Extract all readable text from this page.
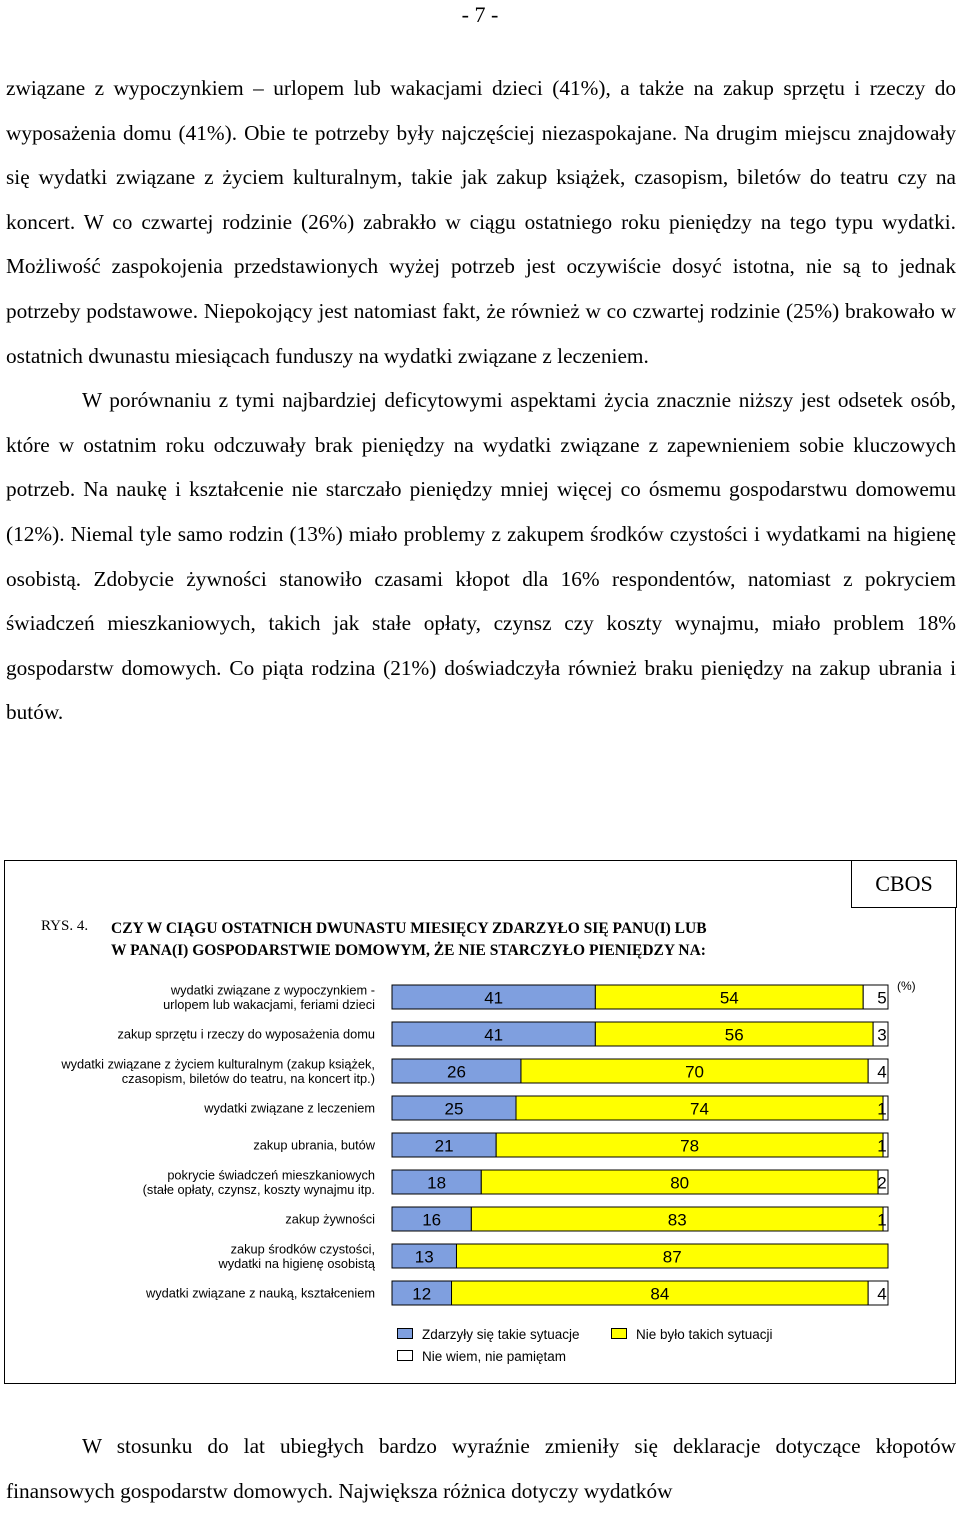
- 7 -

związane z wypoczynkiem – urlopem lub wakacjami dzieci (41%), a także na zakup sprzętu i rzeczy do wyposażenia domu (41%). Obie te potrzeby były najczęściej niezaspokajane. Na drugim miejscu znajdowały się wydatki związane z życiem kulturalnym, takie jak zakup książek, czasopism, biletów do teatru czy na koncert. W co czwartej rodzinie (26%) zabrakło w ciągu ostatniego roku pieniędzy na tego typu wydatki. Możliwość zaspokojenia przedstawionych wyżej potrzeb jest oczywiście dosyć istotna, nie są to jednak potrzeby podstawowe. Niepokojący jest natomiast fakt, że również w co czwartej rodzinie (25%) brakowało w ostatnich dwunastu miesiącach funduszy na wydatki związane z leczeniem.

W porównaniu z tymi najbardziej deficytowymi aspektami życia znacznie niższy jest odsetek osób, które w ostatnim roku odczuwały brak pieniędzy na wydatki związane z zapewnieniem sobie kluczowych potrzeb. Na naukę i kształcenie nie starczało pieniędzy mniej więcej co ósmemu gospodarstwu domowemu (12%). Niemal tyle samo rodzin (13%) miało problemy z zakupem środków czystości i wydatkami na higienę osobistą. Zdobycie żywności stanowiło czasami kłopot dla 16% respondentów, natomiast z pokryciem świadczeń mieszkaniowych, takich jak stałe opłaty, czynsz czy koszty wynajmu, miało problem 18% gospodarstw domowych. Co piąta rodzina (21%) doświadczyła również braku pieniędzy na zakup ubrania i butów.

CBOS
RYS. 4. CZY W CIĄGU OSTATNICH DWUNASTU MIESIĘCY ZDARZYŁO SIĘ PANU(I) LUB
W PANA(I) GOSPODARSTWIE DOMOWYM, ŻE NIE STARCZYŁO PIENIĘDZY NA:
(%)
wydatki związane z wypoczynkiem -
urlopem lub wakacjami, feriami dzieci	41	54	5
zakup sprzętu i rzeczy do wyposażenia domu	41	56	3
wydatki związane z życiem kulturalnym (zakup książek,
czasopism, biletów do teatru, na koncert itp.)	26	70	4
wydatki związane z leczeniem	25	74	1
zakup ubrania, butów	21	78	1
pokrycie świadczeń mieszkaniowych
(stałe opłaty, czynsz, koszty wynajmu itp.	18	80	2
zakup żywności	16	83	1
zakup środków czystości,
wydatki na higienę osobistą 13	87
wydatki związane z nauką, kształceniem 12	84	4
Zdarzyły się takie sytuacje	Nie było takich sytuacji
Nie wiem, nie pamiętam

W stosunku do lat ubiegłych bardzo wyraźnie zmieniły się deklaracje dotyczące kłopotów finansowych gospodarstw domowych. Największa różnica dotyczy wydatków
